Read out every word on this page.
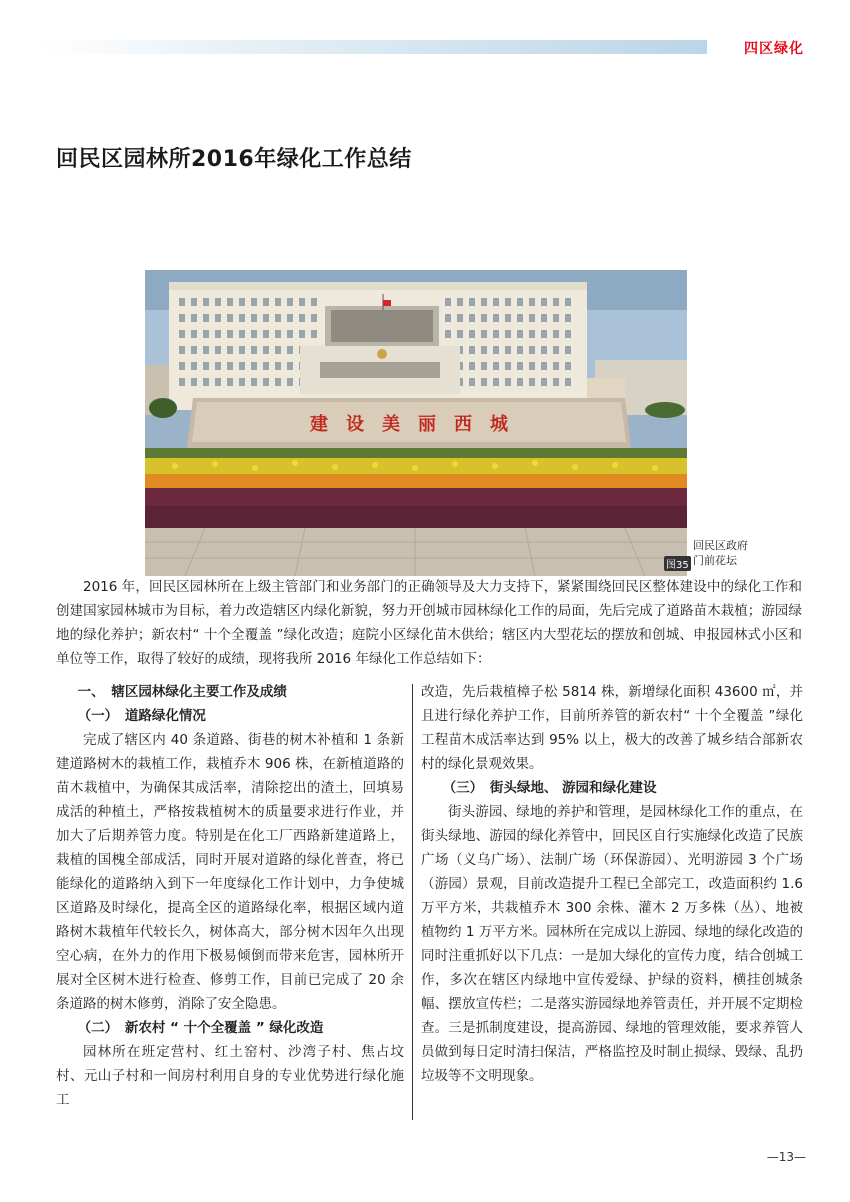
四区绿化
回民区园林所2016年绿化工作总结
建　设　美　丽　西　城
图35
回民区政府
门前花坛

2016 年，回民区园林所在上级主管部门和业务部门的正确领导及大力支持下，紧紧围绕回民区整体建设中的绿化工作和创建国家园林城市为目标，着力改造辖区内绿化新貌，努力开创城市园林绿化工作的局面，先后完成了道路苗木栽植；游园绿地的绿化养护；新农村“ 十个全覆盖 ”绿化改造；庭院小区绿化苗木供给；辖区内大型花坛的摆放和创城、申报园林式小区和单位等工作，取得了较好的成绩，现将我所 2016 年绿化工作总结如下：

一、　辖区园林绿化主要工作及成绩
（一）　道路绿化情况

完成了辖区内 40 条道路、街巷的树木补植和 1 条新建道路树木的栽植工作，栽植乔木 906 株，在新植道路的苗木栽植中，为确保其成活率，清除挖出的渣土，回填易成活的种植土，严格按栽植树木的质量要求进行作业，并加大了后期养管力度。特别是在化工厂西路新建道路上，栽植的国槐全部成活，同时开展对道路的绿化普查，将已能绿化的道路纳入到下一年度绿化工作计划中，力争使城区道路及时绿化，提高全区的道路绿化率，根据区域内道路树木栽植年代较长久，树体高大，部分树木因年久出现空心病，在外力的作用下极易倾倒而带来危害，园林所开展对全区树木进行检查、修剪工作，目前已完成了 20 余条道路的树木修剪，消除了安全隐患。

（二）　新农村 “ 十个全覆盖 ” 绿化改造

园林所在班定营村、红土窑村、沙湾子村、焦占坟村、元山子村和一间房村利用自身的专业优势进行绿化施工

改造，先后栽植樟子松 5814 株，新增绿化面积 43600 ㎡，并且进行绿化养护工作，目前所养管的新农村“ 十个全覆盖 ”绿化工程苗木成活率达到 95% 以上，极大的改善了城乡结合部新农村的绿化景观效果。

（三）　街头绿地、 游园和绿化建设

街头游园、绿地的养护和管理，是园林绿化工作的重点，在街头绿地、游园的绿化养管中，回民区自行实施绿化改造了民族广场（义乌广场）、法制广场（环保游园）、光明游园 3 个广场（游园）景观，目前改造提升工程已全部完工，改造面积约 1.6 万平方米，共栽植乔木 300 余株、灌木 2 万多株（丛）、地被植物约 1 万平方米。园林所在完成以上游园、绿地的绿化改造的同时注重抓好以下几点：一是加大绿化的宣传力度，结合创城工作，多次在辖区内绿地中宣传爱绿、护绿的资料，横挂创城条幅、摆放宣传栏；二是落实游园绿地养管责任，并开展不定期检查。三是抓制度建设，提高游园、绿地的管理效能，要求养管人员做到每日定时清扫保洁，严格监控及时制止损绿、毁绿、乱扔垃圾等不文明现象。

—13—
